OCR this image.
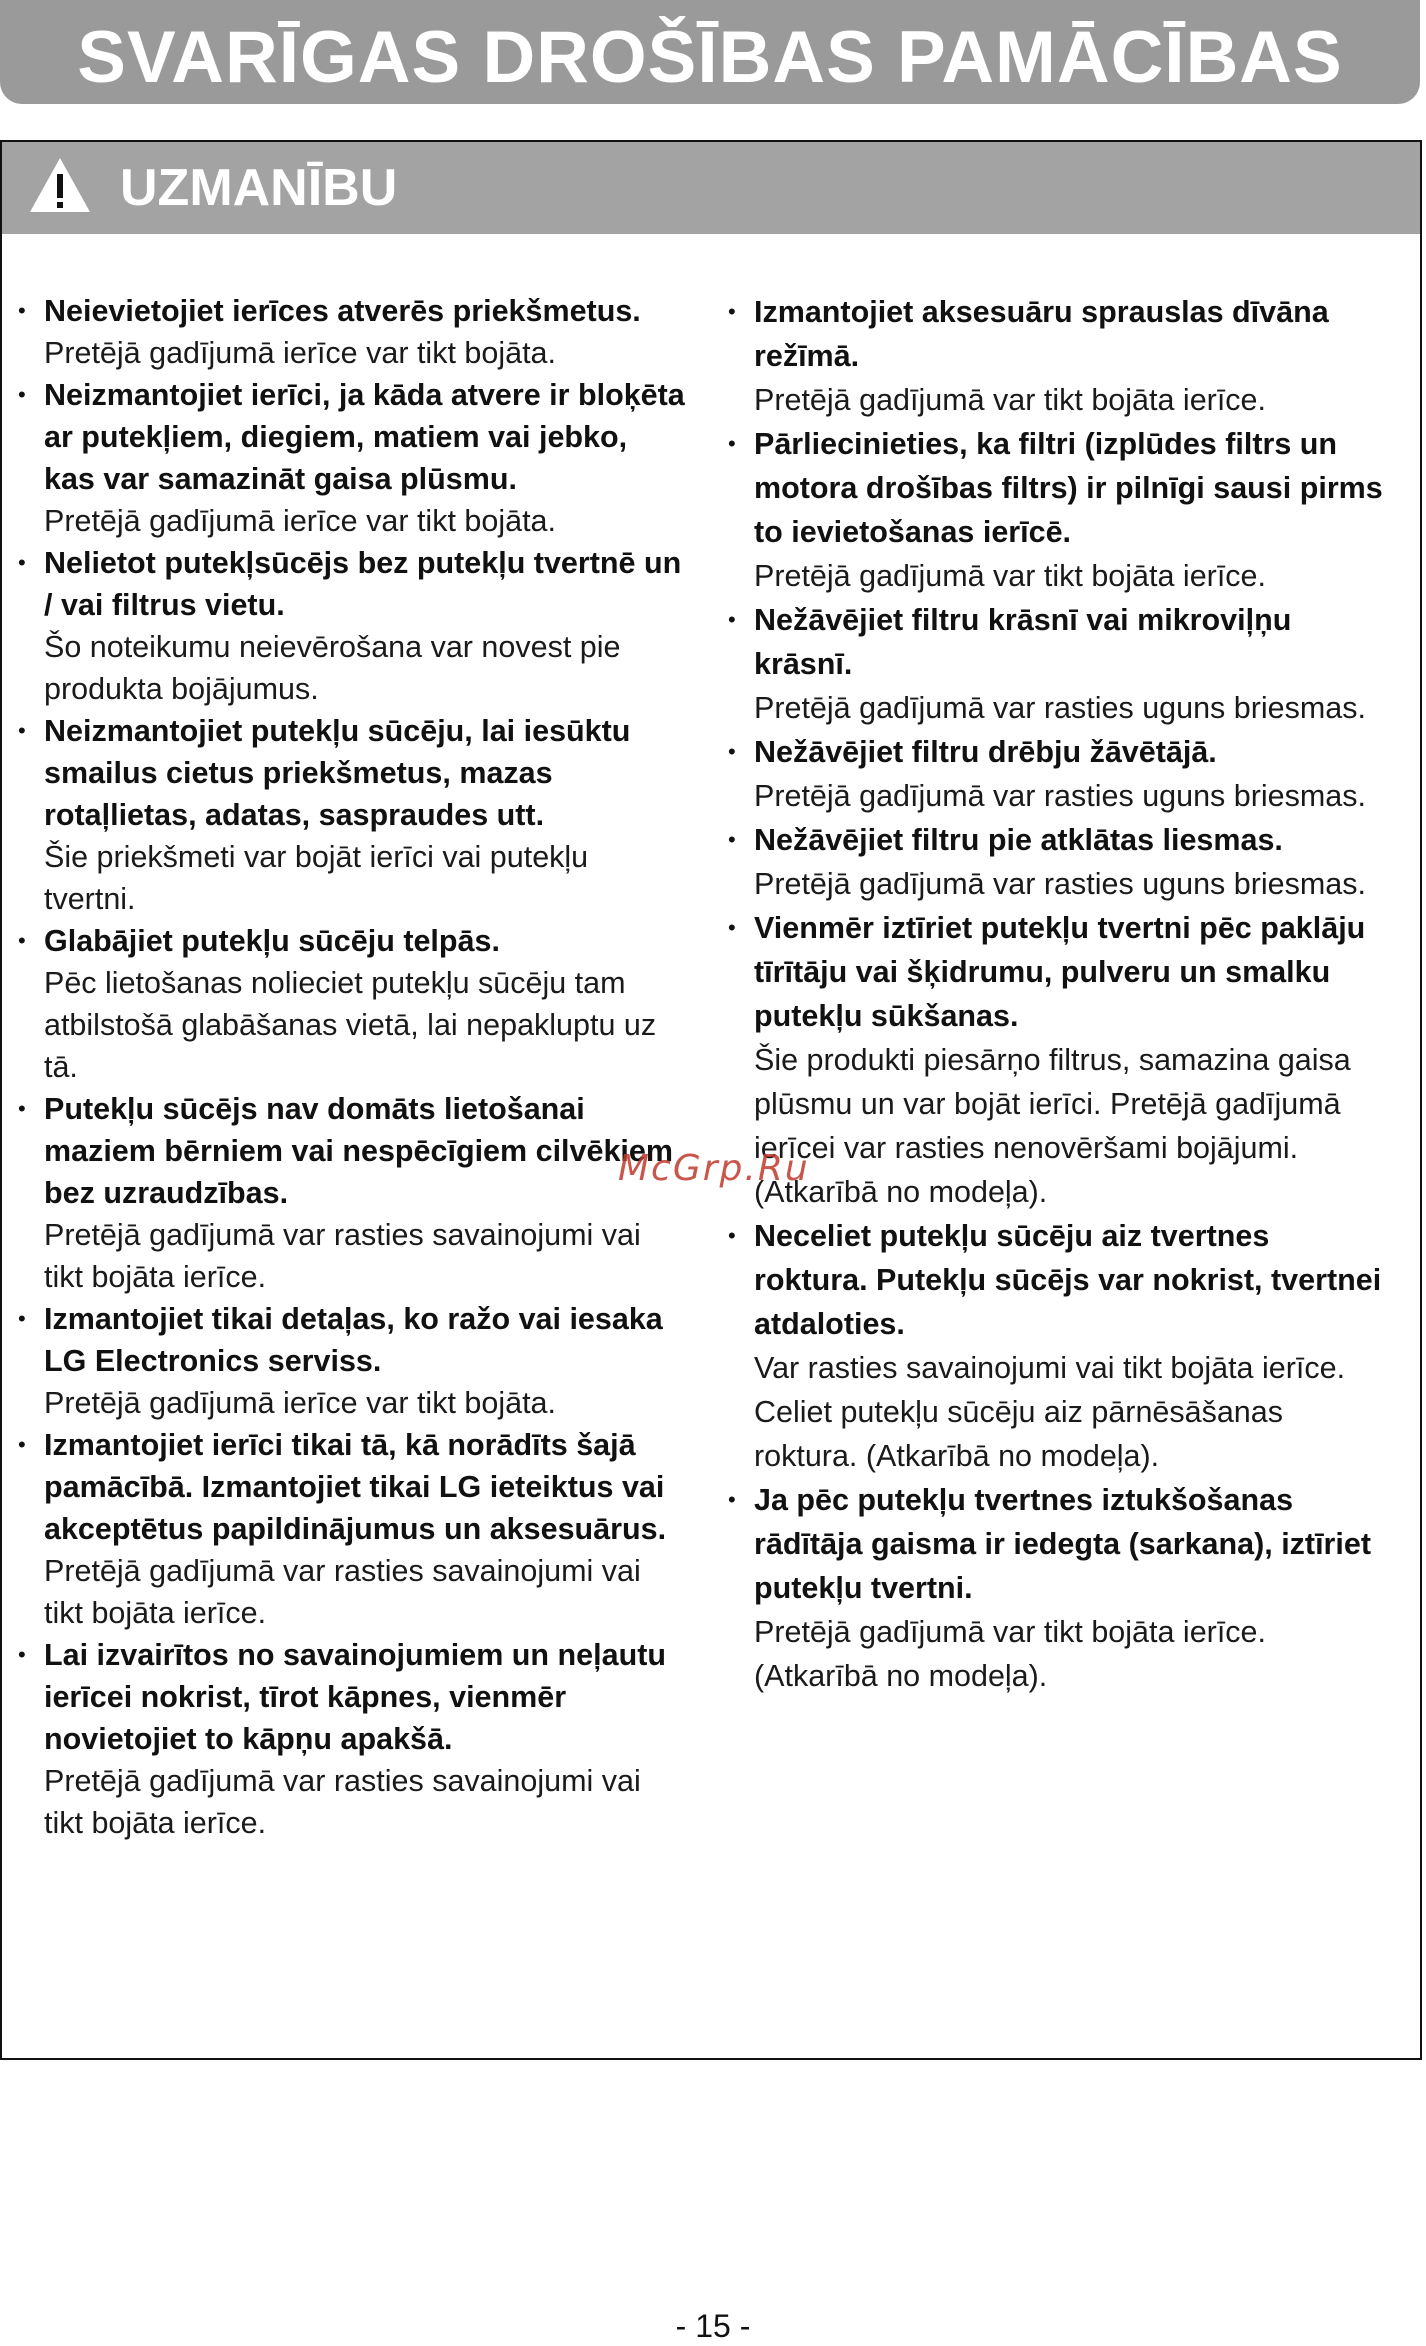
SVARĪGAS DROŠĪBAS PAMĀCĪBAS
UZMANĪBU
• Neievietojiet ierīces atverēs priekšmetus.
Pretējā gadījumā ierīce var tikt bojāta.
• Neizmantojiet ierīci, ja kāda atvere ir bloķēta ar putekļiem, diegiem, matiem vai jebko, kas var samazināt gaisa plūsmu.
Pretējā gadījumā ierīce var tikt bojāta.
• Nelietot putekļsūcējs bez putekļu tvertnē un / vai filtrus vietu.
Šo noteikumu neievērošana var novest pie produkta bojājumus.
• Neizmantojiet putekļu sūcēju, lai iesūktu smailus cietus priekšmetus, mazas rotaļlietas, adatas, saspraudes utt.
Šie priekšmeti var bojāt ierīci vai putekļu tvertni.
• Glabājiet putekļu sūcēju telpās.
Pēc lietošanas nolieciet putekļu sūcēju tam atbilstošā glabāšanas vietā, lai nepakluptu uz tā.
• Putekļu sūcējs nav domāts lietošanai maziem bērniem vai nespēcīgiem cilvēkiem bez uzraudzības.
Pretējā gadījumā var rasties savainojumi vai tikt bojāta ierīce.
• Izmantojiet tikai detaļas, ko ražo vai iesaka LG Electronics serviss.
Pretējā gadījumā ierīce var tikt bojāta.
• Izmantojiet ierīci tikai tā, kā norādīts šajā pamācībā. Izmantojiet tikai LG ieteiktus vai akceptētus papildinājumus un aksesuārus.
Pretējā gadījumā var rasties savainojumi vai tikt bojāta ierīce.
• Lai izvairītos no savainojumiem un neļautu ierīcei nokrist, tīrot kāpnes, vienmēr novietojiet to kāpņu apakšā.
Pretējā gadījumā var rasties savainojumi vai tikt bojāta ierīce.
• Izmantojiet aksesuāru sprauslas dīvāna režīmā.
Pretējā gadījumā var tikt bojāta ierīce.
• Pārliecinieties, ka filtri (izplūdes filtrs un motora drošības filtrs) ir pilnīgi sausi pirms to ievietošanas ierīcē.
Pretējā gadījumā var tikt bojāta ierīce.
• Nežāvējiet filtru krāsnī vai mikroviļņu krāsnī.
Pretējā gadījumā var rasties uguns briesmas.
• Nežāvējiet filtru drēbju žāvētājā.
Pretējā gadījumā var rasties uguns briesmas.
• Nežāvējiet filtru pie atklātas liesmas.
Pretējā gadījumā var rasties uguns briesmas.
• Vienmēr iztīriet putekļu tvertni pēc paklāju tīrītāju vai šķidrumu, pulveru un smalku putekļu sūkšanas.
Šie produkti piesārņo filtrus, samazina gaisa plūsmu un var bojāt ierīci. Pretējā gadījumā ierīcei var rasties nenovēršami bojājumi. (Atkarībā no modeļa).
• Neceliet putekļu sūcēju aiz tvertnes roktura. Putekļu sūcējs var nokrist, tvertnei atdaloties.
Var rasties savainojumi vai tikt bojāta ierīce. Celiet putekļu sūcēju aiz pārnēsāšanas roktura. (Atkarībā no modeļa).
• Ja pēc putekļu tvertnes iztukšošanas rādītāja gaisma ir iedegta (sarkana), iztīriet putekļu tvertni.
Pretējā gadījumā var tikt bojāta ierīce. (Atkarībā no modeļa).
McGrp.Ru
- 15 -
